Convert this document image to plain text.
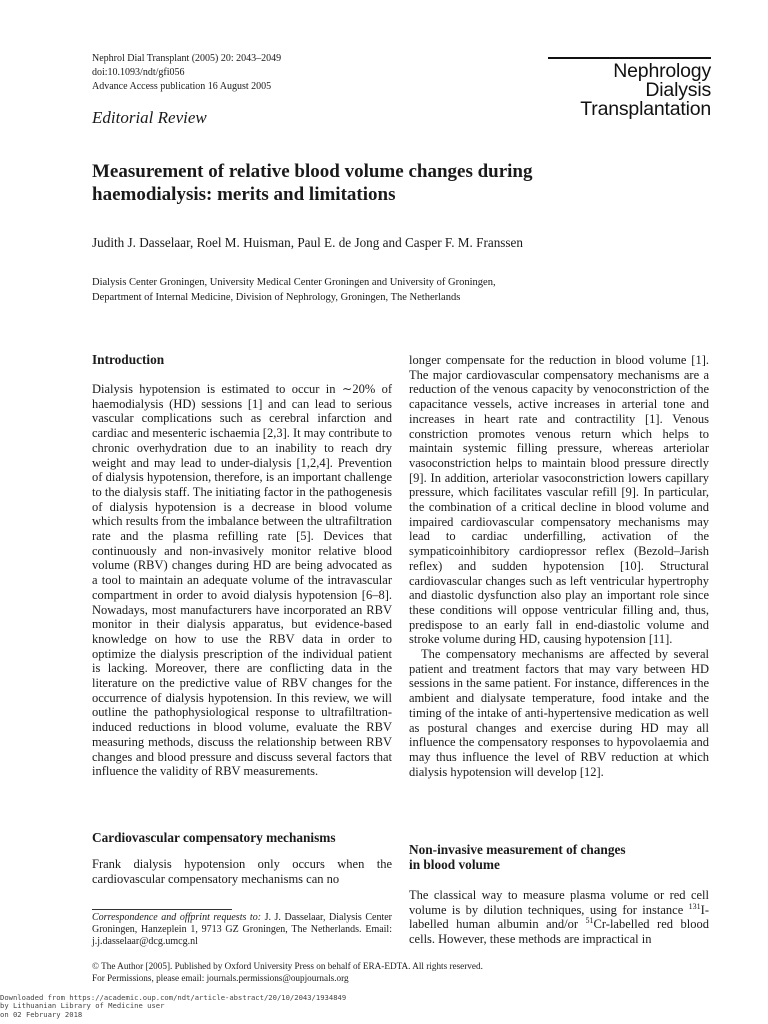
Nephrol Dial Transplant (2005) 20: 2043–2049
doi:10.1093/ndt/gfi056
Advance Access publication 16 August 2005
Nephrology
Dialysis
Transplantation
Editorial Review
Measurement of relative blood volume changes during haemodialysis: merits and limitations
Judith J. Dasselaar, Roel M. Huisman, Paul E. de Jong and Casper F. M. Franssen
Dialysis Center Groningen, University Medical Center Groningen and University of Groningen,
Department of Internal Medicine, Division of Nephrology, Groningen, The Netherlands
Introduction

Dialysis hypotension is estimated to occur in ∼20% of haemodialysis (HD) sessions [1] and can lead to serious vascular complications such as cerebral infarction and cardiac and mesenteric ischaemia [2,3]. It may contribute to chronic overhydration due to an inability to reach dry weight and may lead to under-dialysis [1,2,4]. Prevention of dialysis hypotension, therefore, is an important challenge to the dialysis staff. The initiating factor in the pathogenesis of dialysis hypotension is a decrease in blood volume which results from the imbalance between the ultrafiltration rate and the plasma refilling rate [5]. Devices that continuously and non-invasively monitor relative blood volume (RBV) changes during HD are being advocated as a tool to maintain an adequate volume of the intravascular compartment in order to avoid dialysis hypotension [6–8]. Nowadays, most manufacturers have incorporated an RBV monitor in their dialysis apparatus, but evidence-based knowledge on how to use the RBV data in order to optimize the dialysis prescription of the individual patient is lacking. Moreover, there are conflicting data in the literature on the predictive value of RBV changes for the occurrence of dialysis hypotension. In this review, we will outline the pathophysiological response to ultrafiltration-induced reductions in blood volume, evaluate the RBV measuring methods, discuss the relationship between RBV changes and blood pressure and discuss several factors that influence the validity of RBV measurements.

Cardiovascular compensatory mechanisms

Frank dialysis hypotension only occurs when the cardiovascular compensatory mechanisms can no

longer compensate for the reduction in blood volume [1]. The major cardiovascular compensatory mechanisms are a reduction of the venous capacity by venoconstriction of the capacitance vessels, active increases in arterial tone and increases in heart rate and contractility [1]. Venous constriction promotes venous return which helps to maintain systemic filling pressure, whereas arteriolar vasoconstriction helps to maintain blood pressure directly [9]. In addition, arteriolar vasoconstriction lowers capillary pressure, which facilitates vascular refill [9]. In particular, the combination of a critical decline in blood volume and impaired cardiovascular compensatory mechanisms may lead to cardiac underfilling, activation of the sympaticoinhibitory cardiopressor reflex (Bezold–Jarish reflex) and sudden hypotension [10]. Structural cardiovascular changes such as left ventricular hypertrophy and diastolic dysfunction also play an important role since these conditions will oppose ventricular filling and, thus, predispose to an early fall in end-diastolic volume and stroke volume during HD, causing hypotension [11].

The compensatory mechanisms are affected by several patient and treatment factors that may vary between HD sessions in the same patient. For instance, differences in the ambient and dialysate temperature, food intake and the timing of the intake of anti-hypertensive medication as well as postural changes and exercise during HD may all influence the compensatory responses to hypovolaemia and may thus influence the level of RBV reduction at which dialysis hypotension will develop [12].

Non-invasive measurement of changes
in blood volume

The classical way to measure plasma volume or red cell volume is by dilution techniques, using for instance $^{131}$I-labelled human albumin and/or $^{51}$Cr-labelled red blood cells. However, these methods are impractical in

Correspondence and offprint requests to: J. J. Dasselaar, Dialysis Center Groningen, Hanzeplein 1, 9713 GZ Groningen, The Netherlands. Email: j.j.dasselaar@dcg.umcg.nl
© The Author [2005]. Published by Oxford University Press on behalf of ERA-EDTA. All rights reserved.
For Permissions, please email: journals.permissions@oupjournals.org
Downloaded from https://academic.oup.com/ndt/article-abstract/20/10/2043/1934849
by Lithuanian Library of Medicine user
on 02 February 2018
